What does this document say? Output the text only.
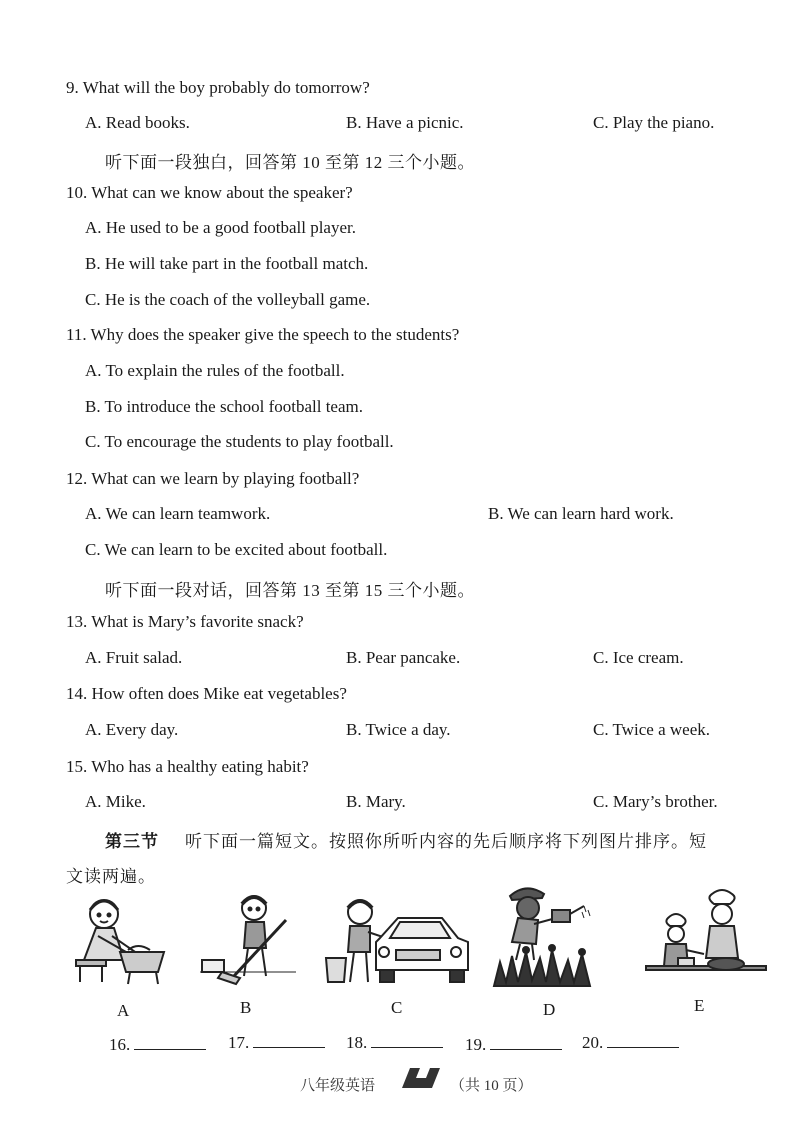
9. What will the boy probably do tomorrow?
A. Read books.	B. Have a picnic.	C. Play the piano.
听下面一段独白，回答第 10 至第 12 三个小题。
10. What can we know about the speaker?
A. He used to be a good football player.
B. He will take part in the football match.
C. He is the coach of the volleyball game.
11. Why does the speaker give the speech to the students?
A. To explain the rules of the football.
B. To introduce the school football team.
C. To encourage the students to play football.
12. What can we learn by playing football?
A. We can learn teamwork.	B. We can learn hard work.
C. We can learn to be excited about football.
听下面一段对话，回答第 13 至第 15 三个小题。
13. What is Mary’s favorite snack?
A. Fruit salad.	B. Pear pancake.	C. Ice cream.
14. How often does Mike eat vegetables?
A. Every day.	B. Twice a day.	C. Twice a week.
15. Who has a healthy eating habit?
A. Mike.	B. Mary.	C. Mary’s brother.
第三节 听下面一篇短文。按照你所听内容的先后顺序将下列图片排序。短
文读两遍。
A	B	C	D	E
16.	17.	18.	19.	20.
八年级英语	（共 10 页）
